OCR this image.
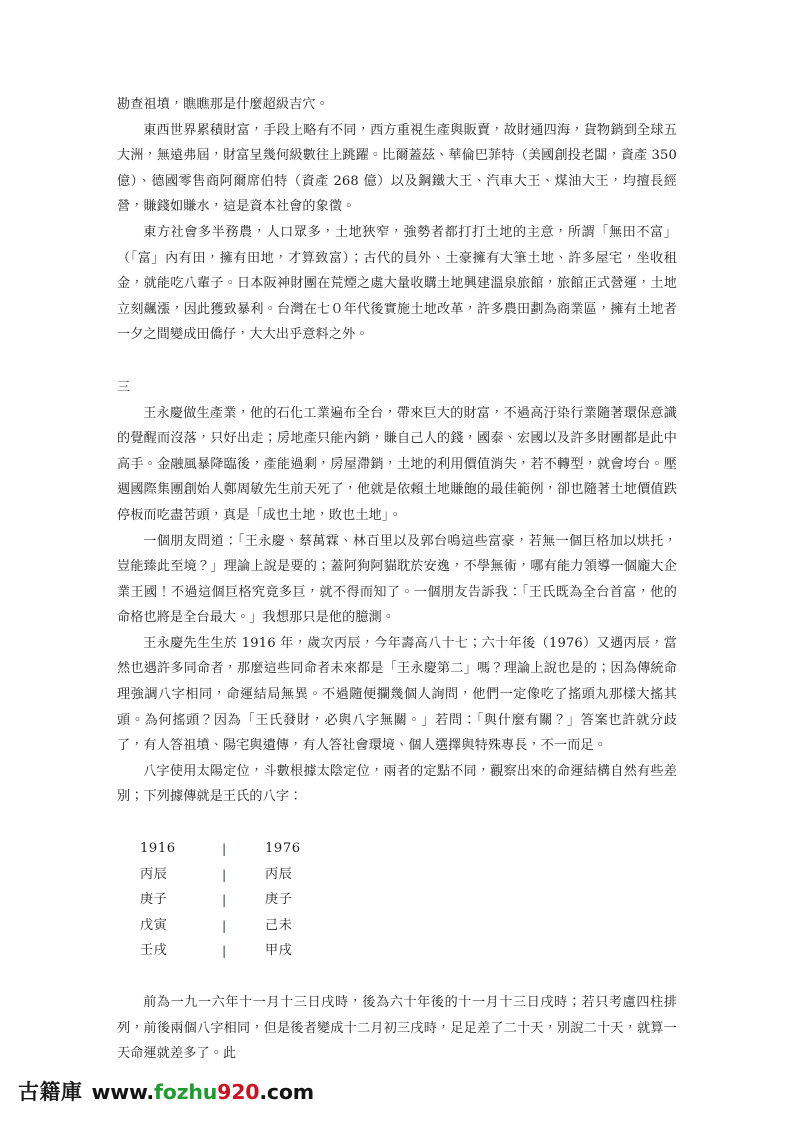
勘查祖墳，瞧瞧那是什麼超級吉穴。

東西世界累積財富，手段上略有不同，西方重視生產與販賣，故財通四海，貨物銷到全球五大洲，無遠弗屆，財富呈幾何級數往上跳躍。比爾蓋茲、華倫巴菲特（美國創投老闆，資產 350 億）、德國零售商阿爾席伯特（資產 268 億）以及鋼鐵大王、汽車大王、煤油大王，均擅長經營，賺錢如賺水，這是資本社會的象徵。

東方社會多半務農，人口眾多，土地狹窄，強勢者都打打土地的主意，所謂「無田不富」（「富」內有田，擁有田地，才算致富）；古代的員外、土豪擁有大筆土地、許多屋宅，坐收租金，就能吃八輩子。日本阪神財團在荒煙之處大量收購土地興建溫泉旅館，旅館正式營運，土地立刻飆漲，因此獲致暴利。台灣在七０年代後實施土地改革，許多農田劃為商業區，擁有土地者一夕之間變成田僑仔，大大出乎意料之外。

三

王永慶做生產業，他的石化工業遍布全台，帶來巨大的財富，不過高汙染行業隨著環保意識的覺醒而沒落，只好出走；房地產只能內銷，賺自己人的錢，國泰、宏國以及許多財團都是此中高手。金融風暴降臨後，產能過剩，房屋滯銷，土地的利用價值消失，若不轉型，就會垮台。壓週國際集團創始人鄭周敏先生前天死了，他就是依賴土地賺飽的最佳範例，卻也隨著土地價值跌停板而吃盡苦頭，真是「成也土地，敗也土地」。

一個朋友問道：「王永慶、蔡萬霖、林百里以及郭台鳴這些富豪，若無一個巨格加以烘托，豈能臻此至境？」理論上說是要的；蓋阿狗阿貓耽於安逸，不學無術，哪有能力領導一個龐大企業王國！不過這個巨格究竟多巨，就不得而知了。一個朋友告訴我：「王氏既為全台首富，他的命格也將是全台最大。」我想那只是他的臆測。

王永慶先生生於 1916 年，歲次丙辰，今年壽高八十七；六十年後（1976）又遇丙辰，當然也遇許多同命者，那麼這些同命者未來都是「王永慶第二」嗎？理論上說也是的；因為傳統命理強調八字相同，命運結局無異。不過隨便攔幾個人詢問，他們一定像吃了搖頭丸那樣大搖其頭。為何搖頭？因為「王氏發財，必與八字無關。」若問：「與什麼有關？」答案也許就分歧了，有人答祖墳、陽宅與遺傳，有人答社會環境、個人選擇與特殊專長，不一而足。

八字使用太陽定位，斗數根據太陰定位，兩者的定點不同，觀察出來的命運結構自然有些差別；下列據傳就是王氏的八字：

1916	|	1976
丙辰	|	丙辰
庚子	|	庚子
戊寅	|	己未
壬戌	|	甲戌

前為一九一六年十一月十三日戌時，後為六十年後的十一月十三日戌時；若只考慮四柱排列，前後兩個八字相同，但是後者變成十二月初三戌時，足足差了二十天，別說二十天，就算一天命運就差多了。此

古籍庫 www.fozhu920.com
